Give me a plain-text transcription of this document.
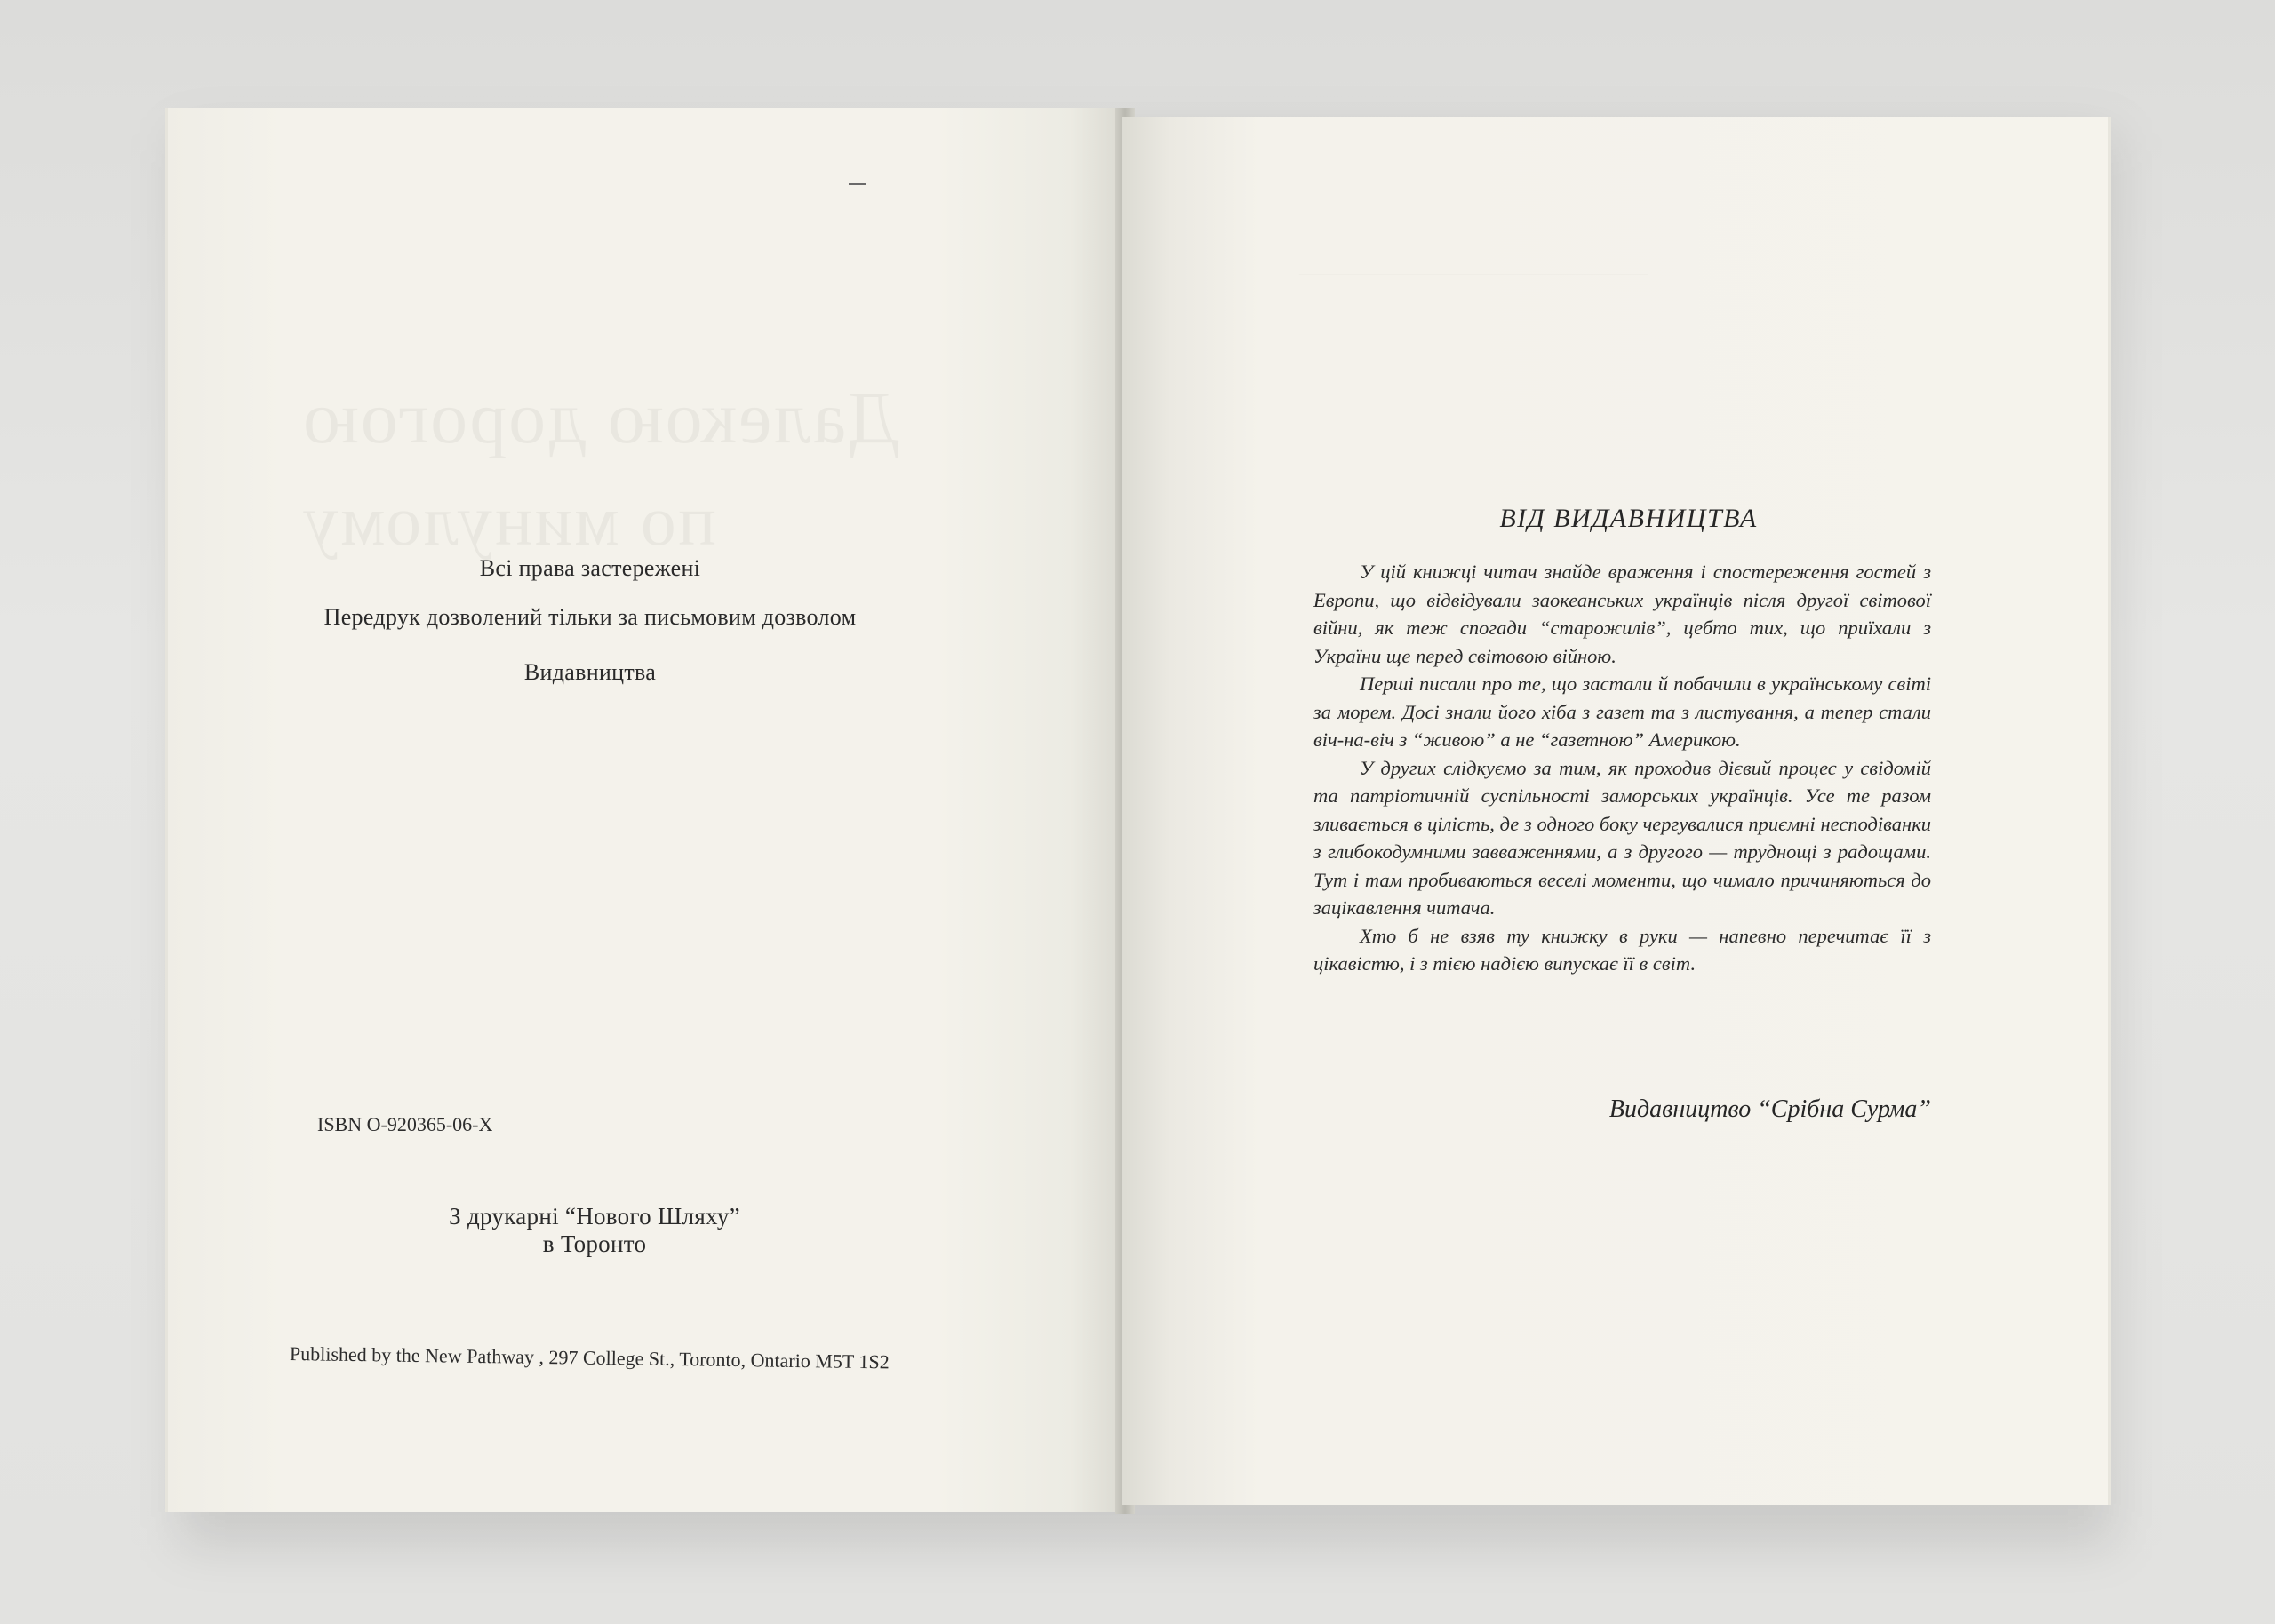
Всі права застережені
Передрук дозволений тільки за письмовим дозволом
Видавництва
ISBN O-920365-06-X
З друкарні “Нового Шляху”
в Торонто
Published by the New Pathway , 297 College St., Toronto, Ontario M5T 1S2
ВІД ВИДАВНИЦТВА

У цій книжці читач знайде враження і спостереження гостей з Европи, що відвідували заокеанських українців після другої світової війни, як теж спогади “старожилів”, цебто тих, що приїхали з України ще перед світовою війною.

Перші писали про те, що застали й побачили в українському світі за морем. Досі знали його хіба з газет та з листування, а тепер стали віч-на-віч з “живою” а не “газетною” Америкою.

У других слідкуємо за тим, як проходив дієвий процес у свідомій та патріотичній суспільності заморських українців. Усе те разом зливається в цілість, де з одного боку чергувалися приємні несподіванки з глибокодумними завваженнями, а з другого — труднощі з радощами. Тут і там пробиваються веселі моменти, що чимало причиняються до зацікавлення читача.

Хто б не взяв ту книжку в руки — напевно перечитає її з цікавістю, і з тією надією випускає її в світ.

Видавництво “Срібна Сурма”
